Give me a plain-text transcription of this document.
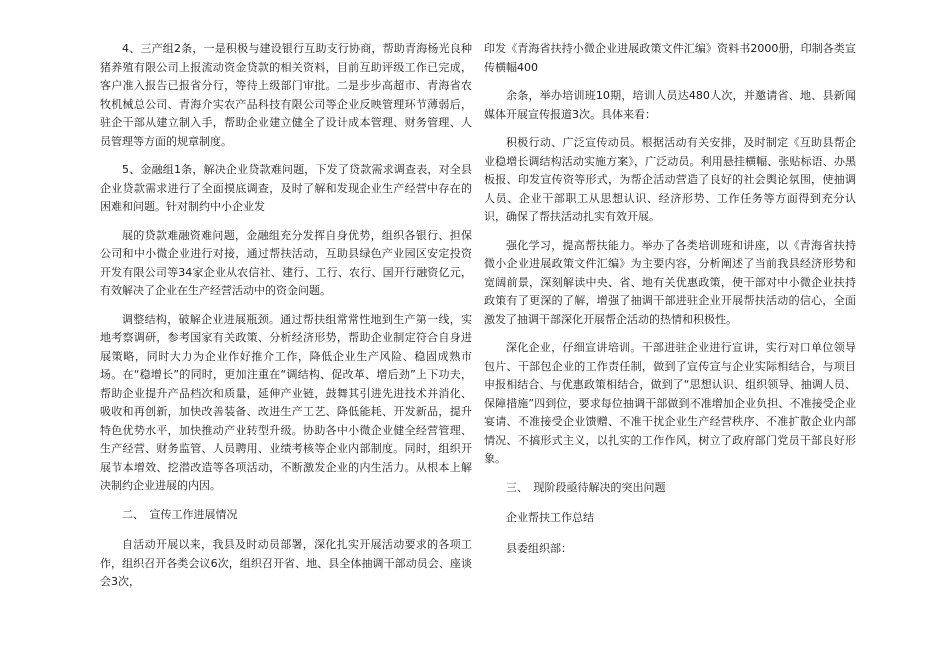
4、三产组2条，一是积极与建设银行互助支行协商，帮助青海杨光良种猪养殖有限公司上报流动资金贷款的相关资料，目前互助评级工作已完成，客户准入报告已报省分行，等待上级部门审批。二是步步高超市、青海省农牧机械总公司、青海介实农产品科技有限公司等企业反映管理环节薄弱后，驻企干部从建立制入手，帮助企业建立健全了设计成本管理、财务管理、人员管理等方面的规章制度。

5、金融组1条，解决企业贷款难问题，下发了贷款需求调查表，对全县企业贷款需求进行了全面摸底调查，及时了解和发现企业生产经营中存在的困难和问题。针对制约中小企业发

展的贷款难融资难问题，金融组充分发挥自身优势，组织各银行、担保公司和中小微企业进行对接，通过帮扶活动，互助县绿色产业园区安定投资开发有限公司等34家企业从农信社、建行、工行、农行、国开行融资亿元，有效解决了企业在生产经营活动中的资金问题。

调整结构，破解企业进展瓶颈。通过帮扶组常常性地到生产第一线，实地考察调研，参考国家有关政策、分析经济形势，帮助企业制定符合自身进展策略，同时大力为企业作好推介工作，降低企业生产风险、稳固成熟市场。在“稳增长”的同时，更加注重在“调结构、促改革、增后劲”上下功夫，帮助企业提升产品档次和质量，延伸产业链，鼓舞其引进先进技术并消化、吸收和再创新，加快改善装备、改进生产工艺、降低能耗、开发新品，提升特色优势水平，加快推动产业转型升级。协助各中小微企业健全经营管理、生产经营、财务监管、人员聘用、业绩考核等企业内部制度。同时，组织开展节本增效、挖潜改造等各项活动，不断激发企业的内生活力。从根本上解决制约企业进展的内因。

二、　宣传工作进展情况

自活动开展以来，我县及时动员部署，深化扎实开展活动要求的各项工作，组织召开各类会议6次，组织召开省、地、县全体抽调干部动员会、座谈会3次，

印发《青海省扶持小微企业进展政策文件汇编》资料书2000册，印制各类宣传横幅400

余条，举办培训班10期，培训人员达480人次，并邀请省、地、县新闻媒体开展宣传报道3次。具体来看：

积极行动、广泛宣传动员。根据活动有关安排，及时制定《互助县帮企业稳增长调结构活动实施方案》，广泛动员。利用悬挂横幅、张贴标语、办黑板报、印发宣传资等形式，为帮企活动营造了良好的社会舆论氛围，使抽调人员、企业干部职工从思想认识、经济形势、工作任务等方面得到充分认识，确保了帮扶活动扎实有效开展。

强化学习，提高帮扶能力。举办了各类培训班和讲座，以《青海省扶持微小企业进展政策文件汇编》为主要内容，分析阐述了当前我县经济形势和宽阔前景，深刻解读中央、省、地有关优惠政策，使干部对中小微企业扶持政策有了更深的了解，增强了抽调干部进驻企业开展帮扶活动的信心，全面激发了抽调干部深化开展帮企活动的热情和积极性。

深化企业，仔细宣讲培训。干部进驻企业进行宣讲，实行对口单位领导包片、干部包企业的工作责任制，做到了宣传宣与企业实际相结合，与项目申报相结合、与优惠政策相结合，做到了“思想认识、组织领导、抽调人员、保障措施”四到位，要求每位抽调干部做到不准增加企业负担、不准接受企业宴请、不准接受企业馈赠、不准干扰企业生产经营秩序、不准扩散企业内部情况、不搞形式主义，以扎实的工作作风，树立了政府部门党员干部良好形象。

三、　现阶段亟待解决的突出问题

企业帮扶工作总结

县委组织部：
